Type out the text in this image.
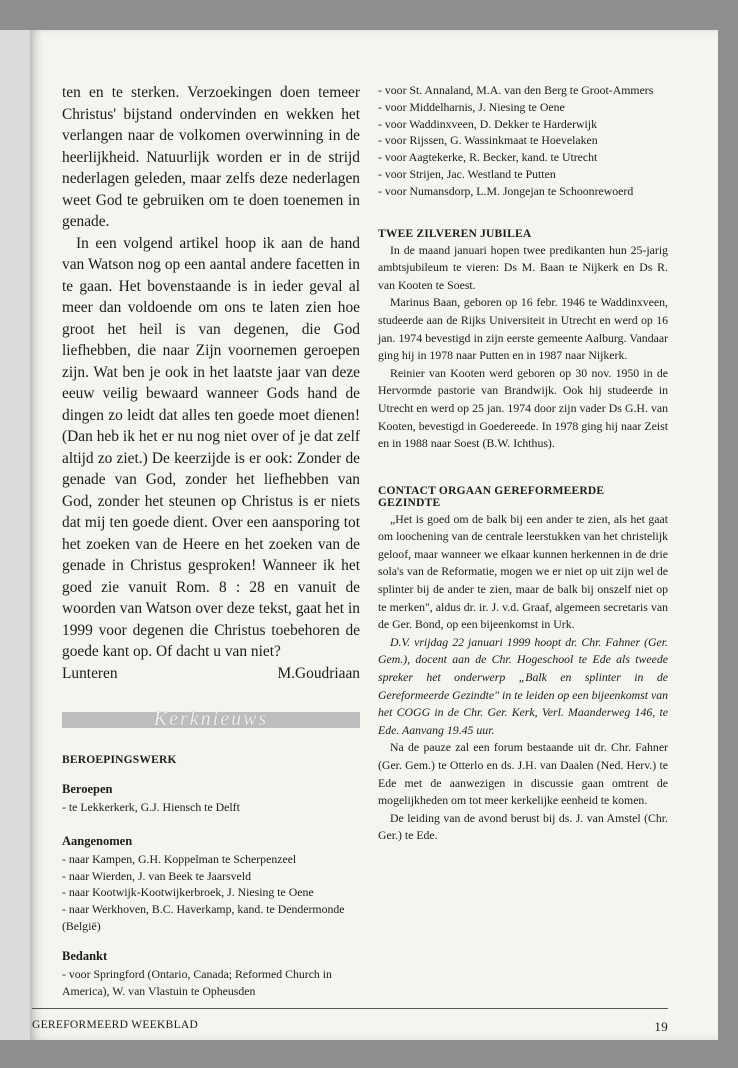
ten en te sterken. Verzoekingen doen temeer Christus' bijstand ondervinden en wekken het verlangen naar de volkomen overwinning in de heerlijkheid. Natuurlijk worden er in de strijd nederlagen geleden, maar zelfs deze nederlagen weet God te gebruiken om te doen toenemen in genade.

In een volgend artikel hoop ik aan de hand van Watson nog op een aantal andere facetten in te gaan. Het bovenstaande is in ieder geval al meer dan voldoende om ons te laten zien hoe groot het heil is van degenen, die God liefhebben, die naar Zijn voornemen geroepen zijn. Wat ben je ook in het laatste jaar van deze eeuw veilig bewaard wanneer Gods hand de dingen zo leidt dat alles ten goede moet dienen! (Dan heb ik het er nu nog niet over of je dat zelf altijd zo ziet.) De keerzijde is er ook: Zonder de genade van God, zonder het liefhebben van God, zonder het steunen op Christus is er niets dat mij ten goede dient. Over een aansporing tot het zoeken van de Heere en het zoeken van de genade in Christus gesproken! Wanneer ik het goed zie vanuit Rom. 8 : 28 en vanuit de woorden van Watson over deze tekst, gaat het in 1999 voor degenen die Christus toebehoren de goede kant op. Of dacht u van niet?

Lunteren	M.Goudriaan
Kerknieuws
BEROEPINGSWERK
Beroepen

- te Lekkerkerk, G.J. Hiensch te Delft

Aangenomen

- naar Kampen, G.H. Koppelman te Scherpenzeel

- naar Wierden, J. van Beek te Jaarsveld

- naar Kootwijk-Kootwijkerbroek, J. Niesing te Oene

- naar Werkhoven, B.C. Haverkamp, kand. te Dendermonde (België)

Bedankt

- voor Springford (Ontario, Canada; Reformed Church in America), W. van Vlastuin te Opheusden

- voor St. Annaland, M.A. van den Berg te Groot-Ammers

- voor Middelharnis, J. Niesing te Oene

- voor Waddinxveen, D. Dekker te Harderwijk

- voor Rijssen, G. Wassinkmaat te Hoevelaken

- voor Aagtekerke, R. Becker, kand. te Utrecht

- voor Strijen, Jac. Westland te Putten

- voor Numansdorp, L.M. Jongejan te Schoonrewoerd

TWEE ZILVEREN JUBILEA

In de maand januari hopen twee predikanten hun 25-jarig ambtsjubileum te vieren: Ds M. Baan te Nijkerk en Ds R. van Kooten te Soest.

Marinus Baan, geboren op 16 febr. 1946 te Waddinxveen, studeerde aan de Rijks Universiteit in Utrecht en werd op 16 jan. 1974 bevestigd in zijn eerste gemeente Aalburg. Vandaar ging hij in 1978 naar Putten en in 1987 naar Nijkerk.

Reinier van Kooten werd geboren op 30 nov. 1950 in de Hervormde pastorie van Brandwijk. Ook hij studeerde in Utrecht en werd op 25 jan. 1974 door zijn vader Ds G.H. van Kooten, bevestigd in Goedereede. In 1978 ging hij naar Zeist en in 1988 naar Soest (B.W. Ichthus).

CONTACT ORGAAN GEREFORMEERDE GEZINDTE

„Het is goed om de balk bij een ander te zien, als het gaat om loochening van de centrale leerstukken van het christelijk geloof, maar wanneer we elkaar kunnen herkennen in de drie sola's van de Reformatie, mogen we er niet op uit zijn wel de splinter bij de ander te zien, maar de balk bij onszelf niet op te merken", aldus dr. ir. J. v.d. Graaf, algemeen secretaris van de Ger. Bond, op een bijeenkomst in Urk.

D.V. vrijdag 22 januari 1999 hoopt dr. Chr. Fahner (Ger. Gem.), docent aan de Chr. Hogeschool te Ede als tweede spreker het onderwerp „Balk en splinter in de Gereformeerde Gezindte" in te leiden op een bijeenkomst van het COGG in de Chr. Ger. Kerk, Verl. Maanderweg 146, te Ede. Aanvang 19.45 uur.

Na de pauze zal een forum bestaande uit dr. Chr. Fahner (Ger. Gem.) te Otterlo en ds. J.H. van Daalen (Ned. Herv.) te Ede met de aanwezigen in discussie gaan omtrent de mogelijkheden om tot meer kerkelijke eenheid te komen.

De leiding van de avond berust bij ds. J. van Amstel (Chr. Ger.) te Ede.

GEREFORMEERD WEEKBLAD	19
